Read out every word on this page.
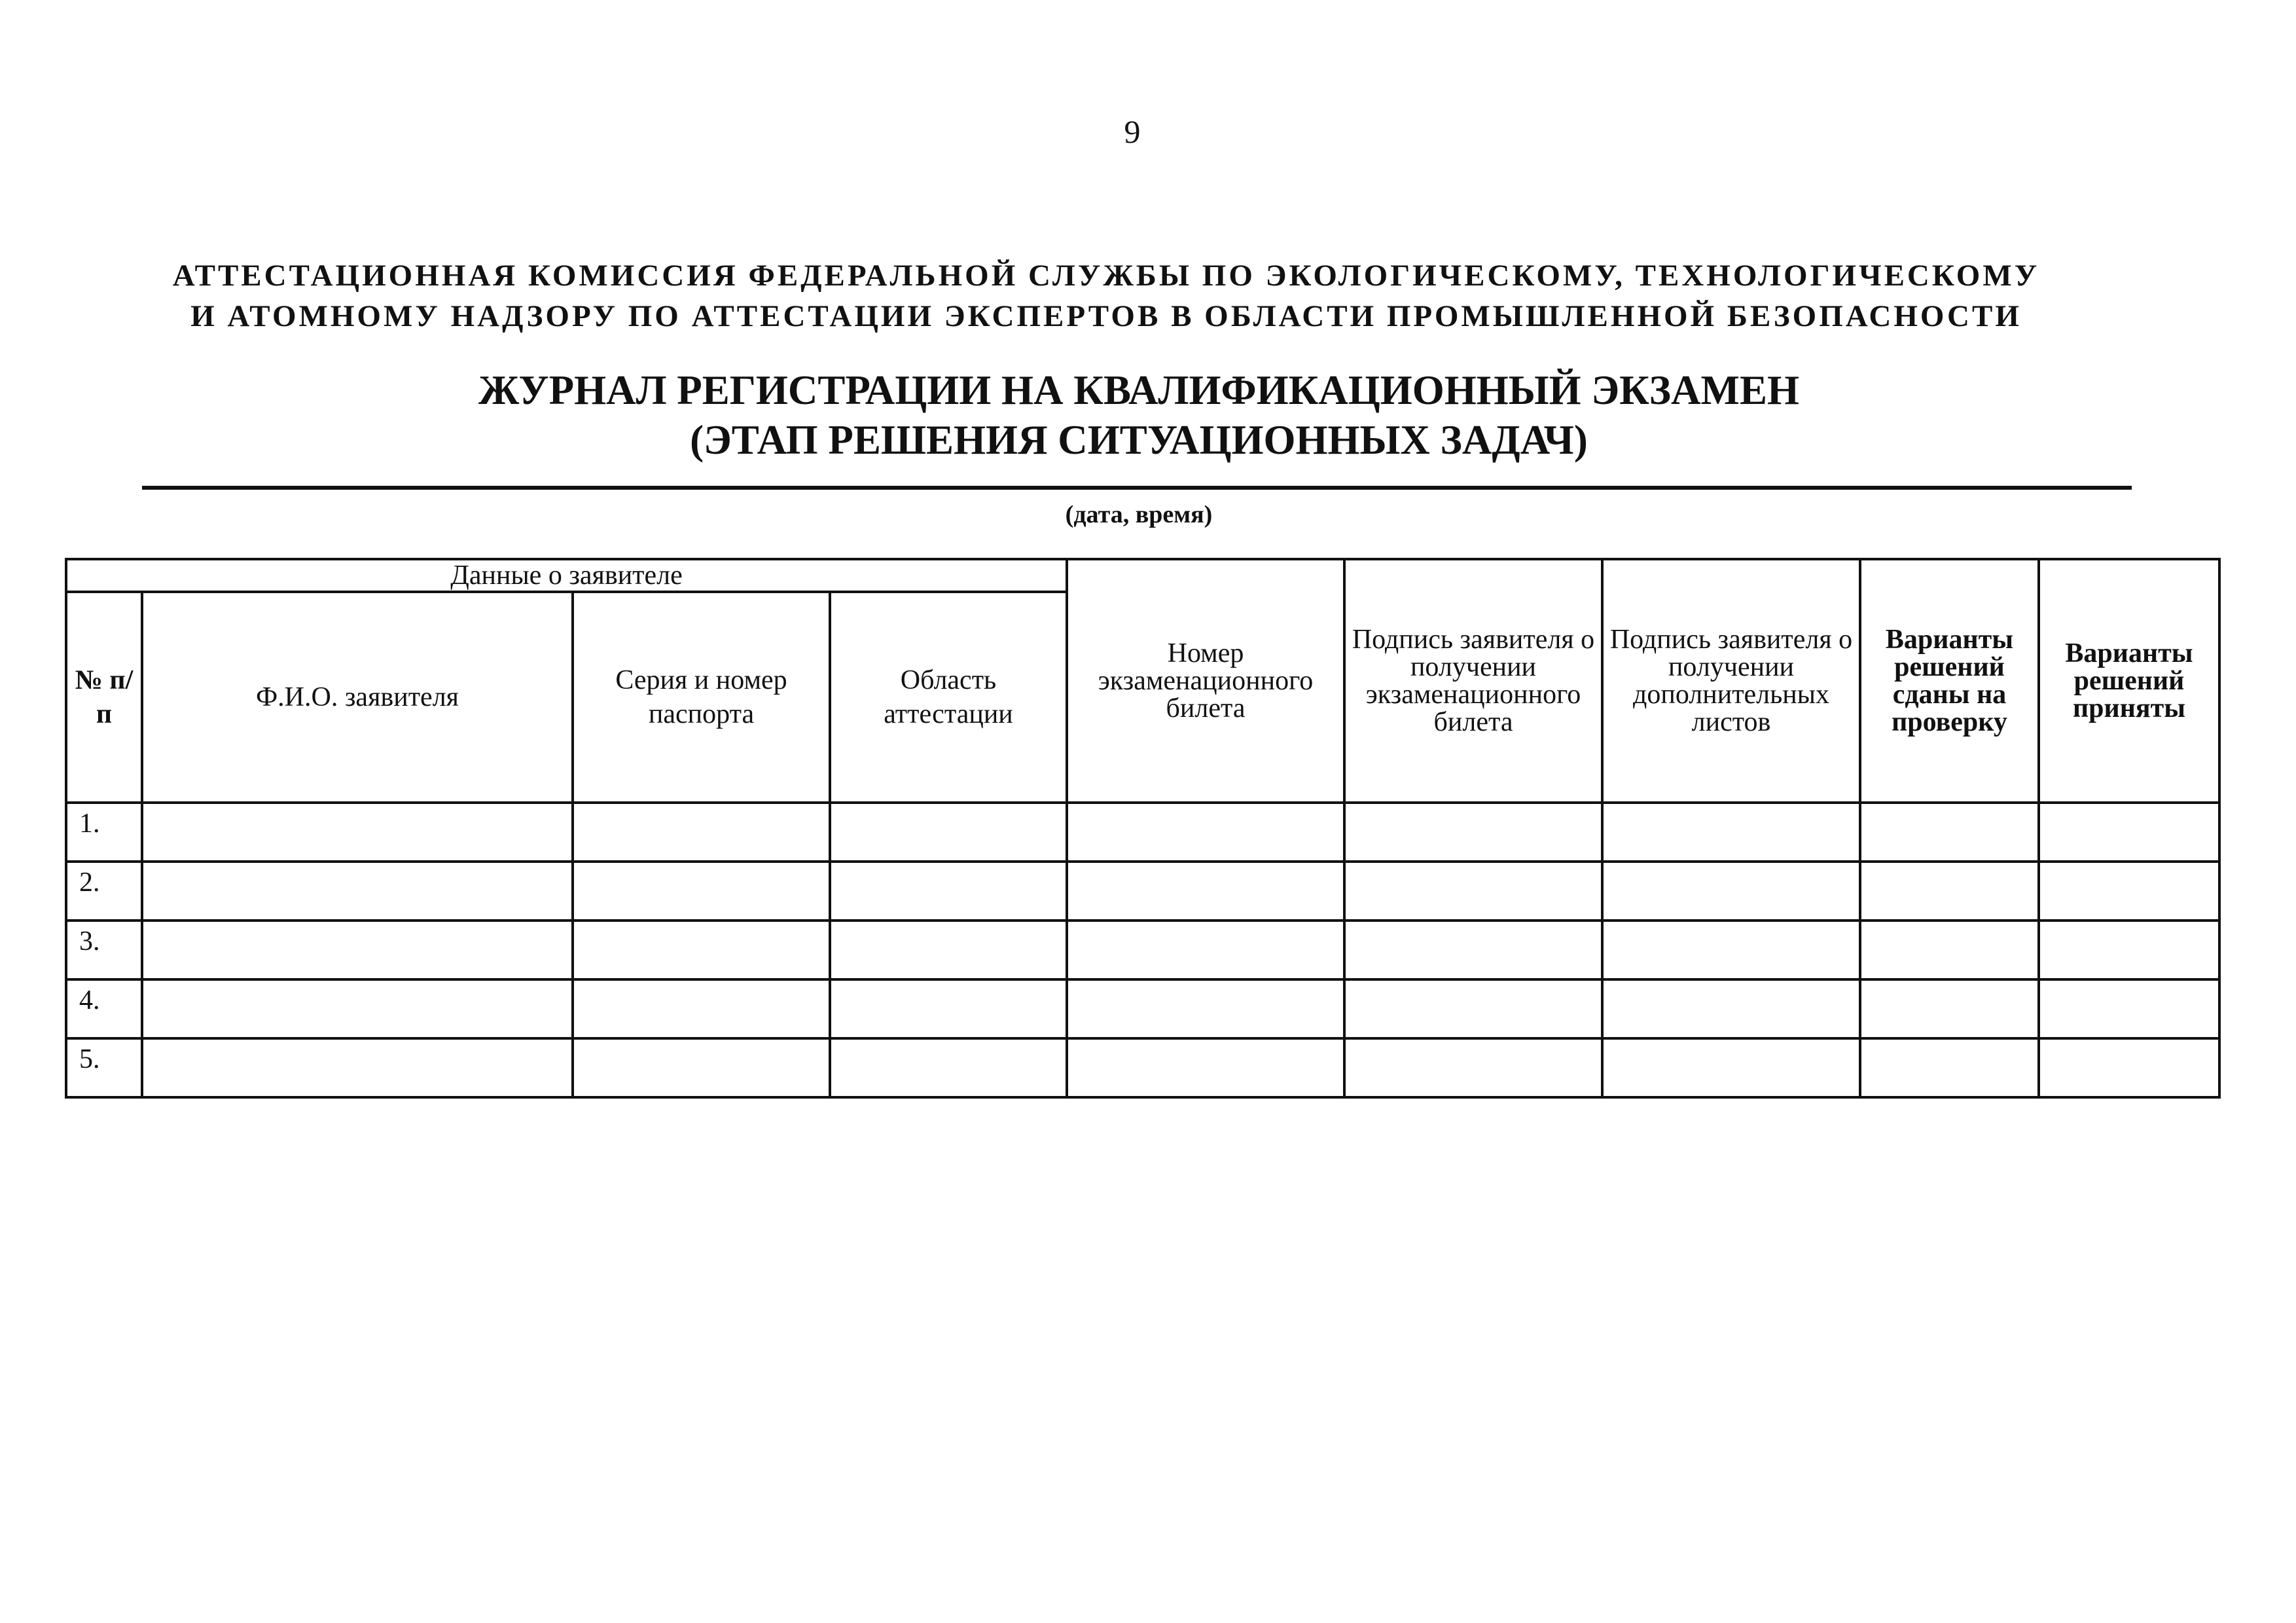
9
АТТЕСТАЦИОННАЯ КОМИССИЯ ФЕДЕРАЛЬНОЙ СЛУЖБЫ ПО ЭКОЛОГИЧЕСКОМУ, ТЕХНОЛОГИЧЕСКОМУ
И АТОМНОМУ НАДЗОРУ ПО АТТЕСТАЦИИ ЭКСПЕРТОВ В ОБЛАСТИ ПРОМЫШЛЕННОЙ БЕЗОПАСНОСТИ
ЖУРНАЛ РЕГИСТРАЦИИ НА КВАЛИФИКАЦИОННЫЙ ЭКЗАМЕН
(ЭТАП РЕШЕНИЯ СИТУАЦИОННЫХ ЗАДАЧ)
(дата, время)
Данные о заявителе				Номер экзаменационного билета	Подпись заявителя о получении экзаменационного билета	Подпись заявителя о получении дополнительных листов	Варианты решений сданы на проверку	Варианты решений приняты
№ п/п	Ф.И.О. заявителя	Серия и номер паспорта	Область аттестации					
1.								
2.								
3.								
4.								
5.								
